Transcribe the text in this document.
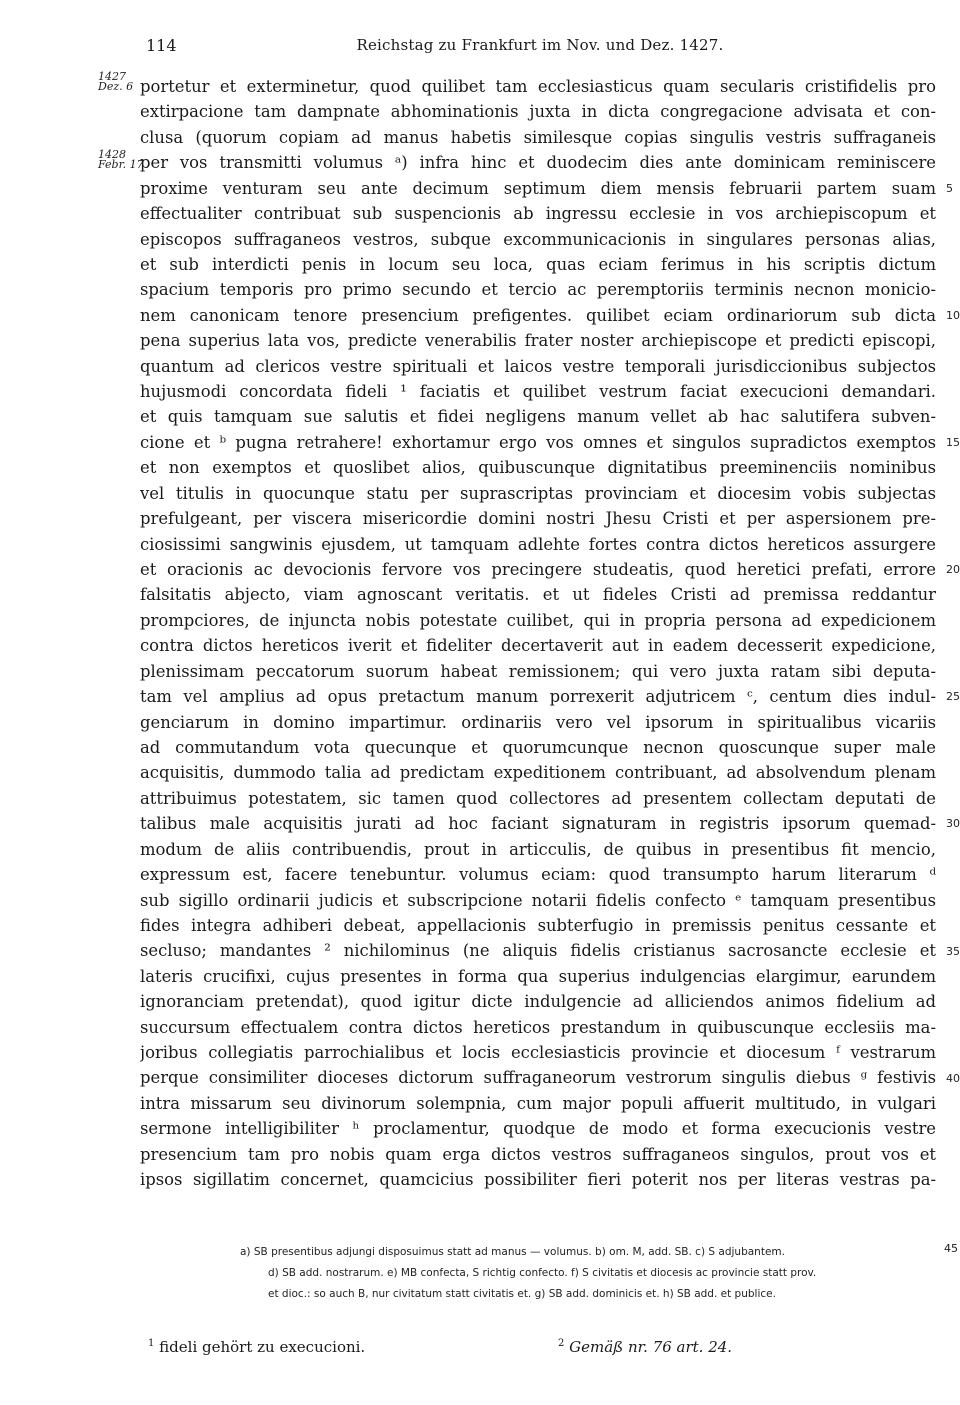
114	Reichstag zu Frankfurt im Nov. und Dez. 1427.
1427
Dez. 6
1428
Febr. 17
portetur et exterminetur, quod quilibet tam ecclesiasticus quam secularis cristifidelis pro
extirpacione tam dampnate abhominationis juxta in dicta congregacione advisata et con-
clusa (quorum copiam ad manus habetis similesque copias singulis vestris suffraganeis
per vos transmitti volumus ᵃ) infra hinc et duodecim dies ante dominicam reminiscere
proxime venturam seu ante decimum septimum diem mensis februarii partem suam
effectualiter contribuat sub suspencionis ab ingressu ecclesie in vos archiepiscopum et
episcopos suffraganeos vestros, subque excommunicacionis in singulares personas alias,
et sub interdicti penis in locum seu loca, quas eciam ferimus in his scriptis dictum
spacium temporis pro primo secundo et tercio ac peremptoriis terminis necnon monicio-
nem canonicam tenore presencium prefigentes. quilibet eciam ordinariorum sub dicta
pena superius lata vos, predicte venerabilis frater noster archiepiscope et predicti episcopi,
quantum ad clericos vestre spirituali et laicos vestre temporali jurisdiccionibus subjectos
hujusmodi concordata fideli ¹ faciatis et quilibet vestrum faciat execucioni demandari.
et quis tamquam sue salutis et fidei negligens manum vellet ab hac salutifera subven-
cione et ᵇ pugna retrahere! exhortamur ergo vos omnes et singulos supradictos exemptos
et non exemptos et quoslibet alios, quibuscunque dignitatibus preeminenciis nominibus
vel titulis in quocunque statu per suprascriptas provinciam et diocesim vobis subjectas
prefulgeant, per viscera misericordie domini nostri Jhesu Cristi et per aspersionem pre-
ciosissimi sangwinis ejusdem, ut tamquam adlehte fortes contra dictos hereticos assurgere
et oracionis ac devocionis fervore vos precingere studeatis, quod heretici prefati, errore
falsitatis abjecto, viam agnoscant veritatis. et ut fideles Cristi ad premissa reddantur
prompciores, de injuncta nobis potestate cuilibet, qui in propria persona ad expedicionem
contra dictos hereticos iverit et fideliter decertaverit aut in eadem decesserit expedicione,
plenissimam peccatorum suorum habeat remissionem; qui vero juxta ratam sibi deputa-
tam vel amplius ad opus pretactum manum porrexerit adjutricem ᶜ, centum dies indul-
genciarum in domino impartimur. ordinariis vero vel ipsorum in spiritualibus vicariis
ad commutandum vota quecunque et quorumcunque necnon quoscunque super male
acquisitis, dummodo talia ad predictam expeditionem contribuant, ad absolvendum plenam
attribuimus potestatem, sic tamen quod collectores ad presentem collectam deputati de
talibus male acquisitis jurati ad hoc faciant signaturam in registris ipsorum quemad-
modum de aliis contribuendis, prout in articculis, de quibus in presentibus fit mencio,
expressum est, facere tenebuntur. volumus eciam: quod transumpto harum literarum ᵈ
sub sigillo ordinarii judicis et subscripcione notarii fidelis confecto ᵉ tamquam presentibus
fides integra adhiberi debeat, appellacionis subterfugio in premissis penitus cessante et
secluso; mandantes ² nichilominus (ne aliquis fidelis cristianus sacrosancte ecclesie et
lateris crucifixi, cujus presentes in forma qua superius indulgencias elargimur, earundem
ignoranciam pretendat), quod igitur dicte indulgencie ad alliciendos animos fidelium ad
succursum effectualem contra dictos hereticos prestandum in quibuscunque ecclesiis ma-
joribus collegiatis parrochialibus et locis ecclesiasticis provincie et diocesum ᶠ vestrarum
perque consimiliter dioceses dictorum suffraganeorum vestrorum singulis diebus ᵍ festivis
intra missarum seu divinorum solempnia, cum major populi affuerit multitudo, in vulgari
sermone intelligibiliter ʰ proclamentur, quodque de modo et forma execucionis vestre
presencium tam pro nobis quam erga dictos vestros suffraganeos singulos, prout vos et
ipsos sigillatim concernet, quamcicius possibiliter fieri poterit nos per literas vestras pa-
5
10
15
20
25
30
35
40
a) SB presentibus adjungi disposuimus statt ad manus — volumus. b) om. M, add. SB. c) S adjubantem.
d) SB add. nostrarum. e) MB confecta, S richtig confecto. f) S civitatis et diocesis ac provincie statt prov.
et dioc.: so auch B, nur civitatum statt civitatis et. g) SB add. dominicis et. h) SB add. et publice.
45
$^1$ fideli gehört zu execucioni.	$^2$ Gemäß nr. 76 art. 24.
